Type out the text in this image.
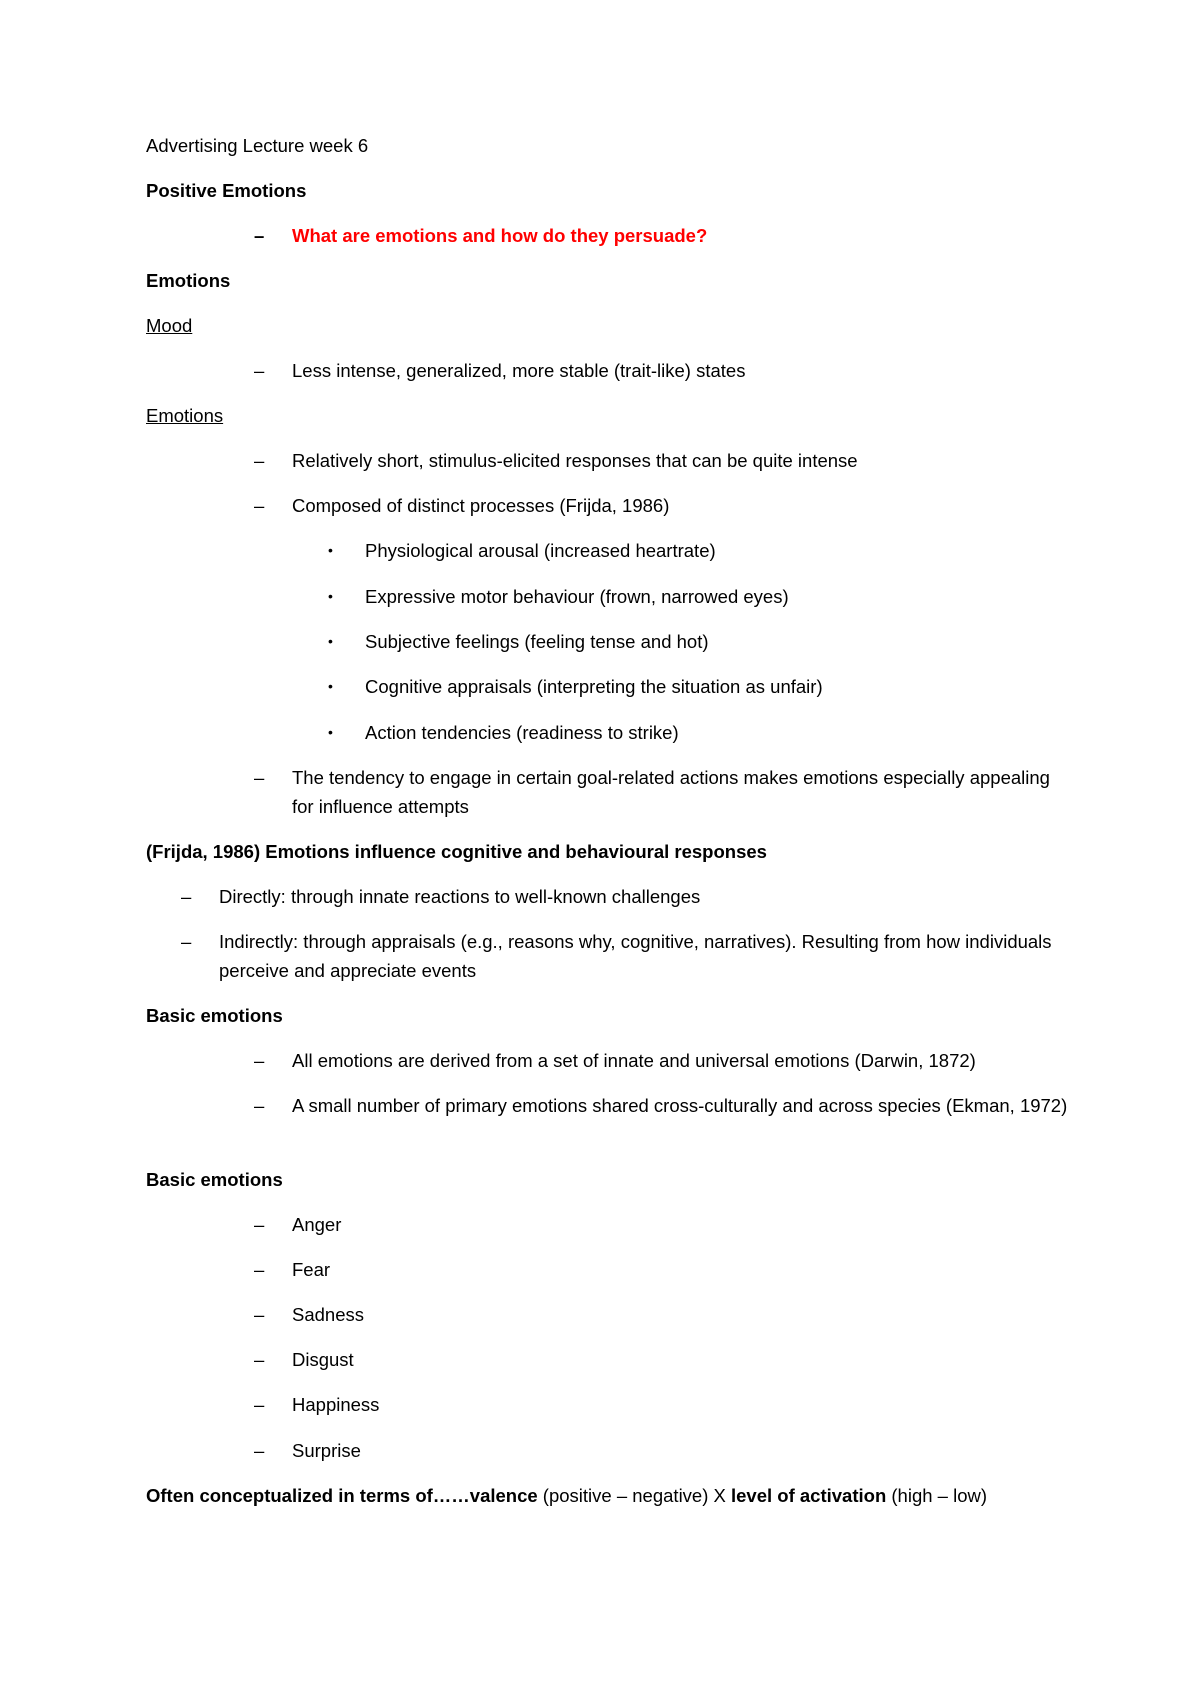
Advertising Lecture week 6
Positive Emotions
–	What are emotions and how do they persuade?
Emotions
Mood
–	Less intense, generalized, more stable (trait-like) states
Emotions
–	Relatively short, stimulus-elicited responses that can be quite intense
–	Composed of distinct processes (Frijda, 1986)
•	Physiological arousal (increased heartrate)
•	Expressive motor behaviour (frown, narrowed eyes)
•	Subjective feelings (feeling tense and hot)
•	Cognitive appraisals (interpreting the situation as unfair)
•	Action tendencies (readiness to strike)
–	The tendency to engage in certain goal-related actions makes emotions especially appealing for influence attempts
(Frijda, 1986) Emotions influence cognitive and behavioural responses
–	Directly: through innate reactions to well-known challenges
–	Indirectly: through appraisals (e.g., reasons why, cognitive, narratives). Resulting from how individuals perceive and appreciate events
Basic emotions
–	All emotions are derived from a set of innate and universal emotions (Darwin, 1872)
–	A small number of primary emotions shared cross-culturally and across species (Ekman, 1972)
Basic emotions
–	Anger
–	Fear
–	Sadness
–	Disgust
–	Happiness
–	Surprise
Often conceptualized in terms of……valence (positive – negative) X level of activation (high – low)
